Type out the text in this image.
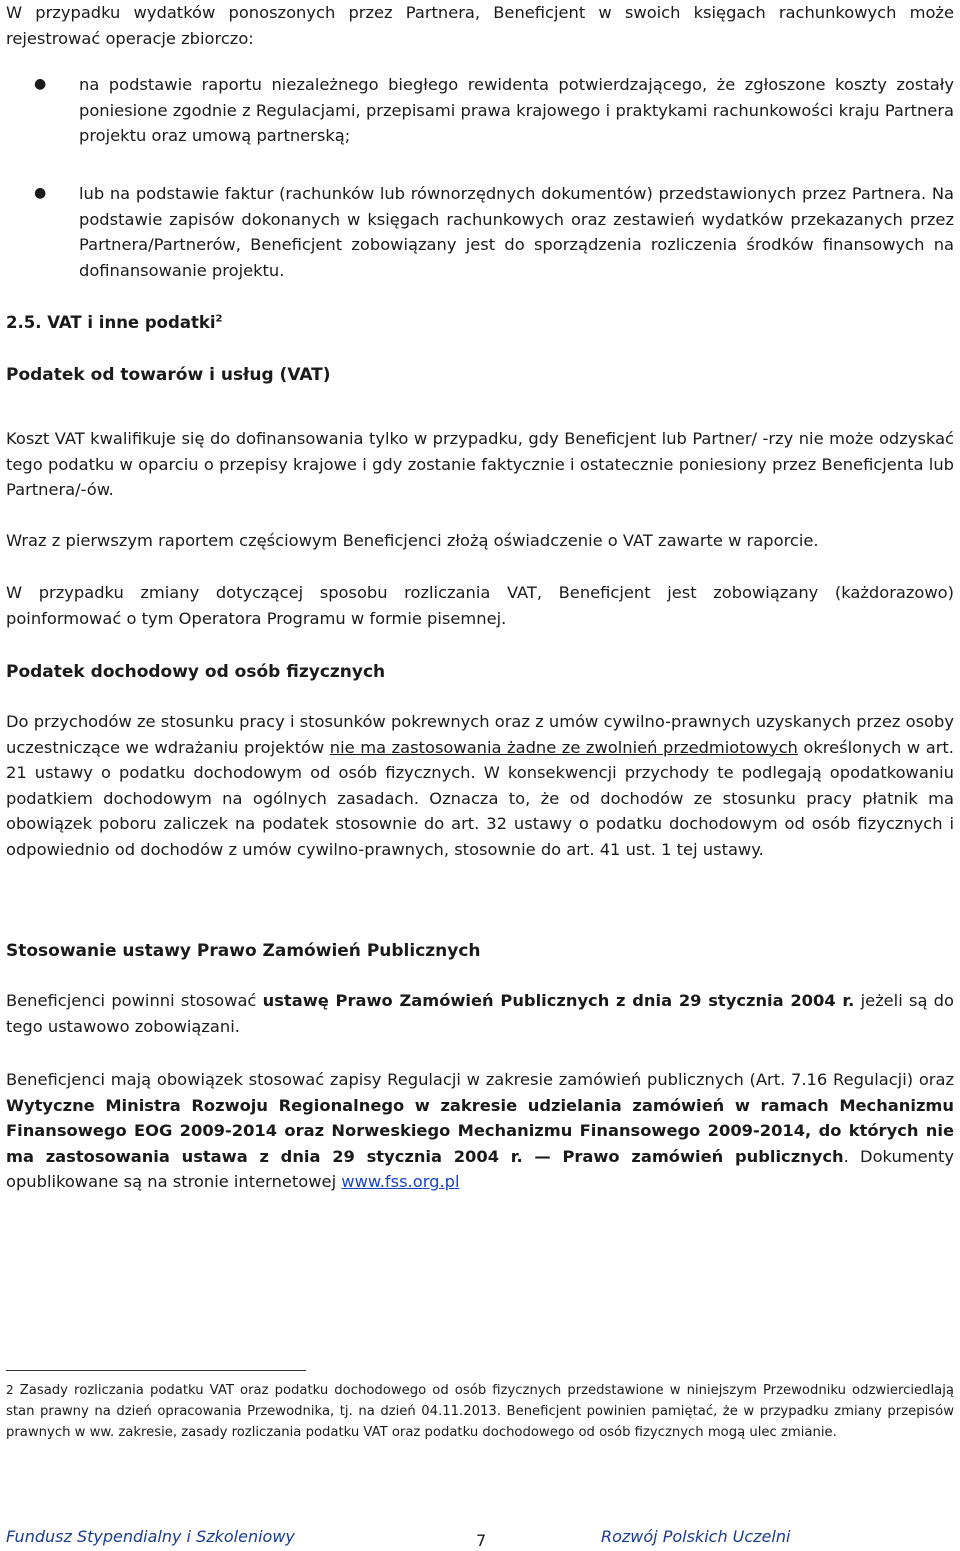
W przypadku wydatków ponoszonych przez Partnera, Beneficjent w swoich księgach rachunkowych może rejestrować operacje zbiorczo:

● na podstawie raportu niezależnego biegłego rewidenta potwierdzającego, że zgłoszone koszty zostały poniesione zgodnie z Regulacjami, przepisami prawa krajowego i praktykami rachunkowości kraju Partnera projektu oraz umową partnerską;

● lub na podstawie faktur (rachunków lub równorzędnych dokumentów) przedstawionych przez Partnera. Na podstawie zapisów dokonanych w księgach rachunkowych oraz zestawień wydatków przekazanych przez Partnera/Partnerów, Beneficjent zobowiązany jest do sporządzenia rozliczenia środków finansowych na dofinansowanie projektu.

2.5. VAT i inne podatki$^2$
Podatek od towarów i usług (VAT)

Koszt VAT kwalifikuje się do dofinansowania tylko w przypadku, gdy Beneficjent lub Partner/ -rzy nie może odzyskać tego podatku w oparciu o przepisy krajowe i gdy zostanie faktycznie i ostatecznie poniesiony przez Beneficjenta lub Partnera/-ów.

Wraz z pierwszym raportem częściowym Beneficjenci złożą oświadczenie o VAT zawarte w raporcie.

W przypadku zmiany dotyczącej sposobu rozliczania VAT, Beneficjent jest zobowiązany (każdorazowo) poinformować o tym Operatora Programu w formie pisemnej.

Podatek dochodowy od osób fizycznych

Do przychodów ze stosunku pracy i stosunków pokrewnych oraz z umów cywilno-prawnych uzyskanych przez osoby uczestniczące we wdrażaniu projektów nie ma zastosowania żadne ze zwolnień przedmiotowych określonych w art. 21 ustawy o podatku dochodowym od osób fizycznych. W konsekwencji przychody te podlegają opodatkowaniu podatkiem dochodowym na ogólnych zasadach. Oznacza to, że od dochodów ze stosunku pracy płatnik ma obowiązek poboru zaliczek na podatek stosownie do art. 32 ustawy o podatku dochodowym od osób fizycznych i odpowiednio od dochodów z umów cywilno-prawnych, stosownie do art. 41 ust. 1 tej ustawy.

Stosowanie ustawy Prawo Zamówień Publicznych

Beneficjenci powinni stosować ustawę Prawo Zamówień Publicznych z dnia 29 stycznia 2004 r. jeżeli są do tego ustawowo zobowiązani.

Beneficjenci mają obowiązek stosować zapisy Regulacji w zakresie zamówień publicznych (Art. 7.16 Regulacji) oraz Wytyczne Ministra Rozwoju Regionalnego w zakresie udzielania zamówień w ramach Mechanizmu Finansowego EOG 2009-2014 oraz Norweskiego Mechanizmu Finansowego 2009-2014, do których nie ma zastosowania ustawa z dnia 29 stycznia 2004 r. — Prawo zamówień publicznych. Dokumenty opublikowane są na stronie internetowej www.fss.org.pl

2 Zasady rozliczania podatku VAT oraz podatku dochodowego od osób fizycznych przedstawione w niniejszym Przewodniku odzwierciedlają stan prawny na dzień opracowania Przewodnika, tj. na dzień 04.11.2013. Beneficjent powinien pamiętać, że w przypadku zmiany przepisów prawnych w ww. zakresie, zasady rozliczania podatku VAT oraz podatku dochodowego od osób fizycznych mogą ulec zmianie.

Fundusz Stypendialny i Szkoleniowy	7	Rozwój Polskich Uczelni
